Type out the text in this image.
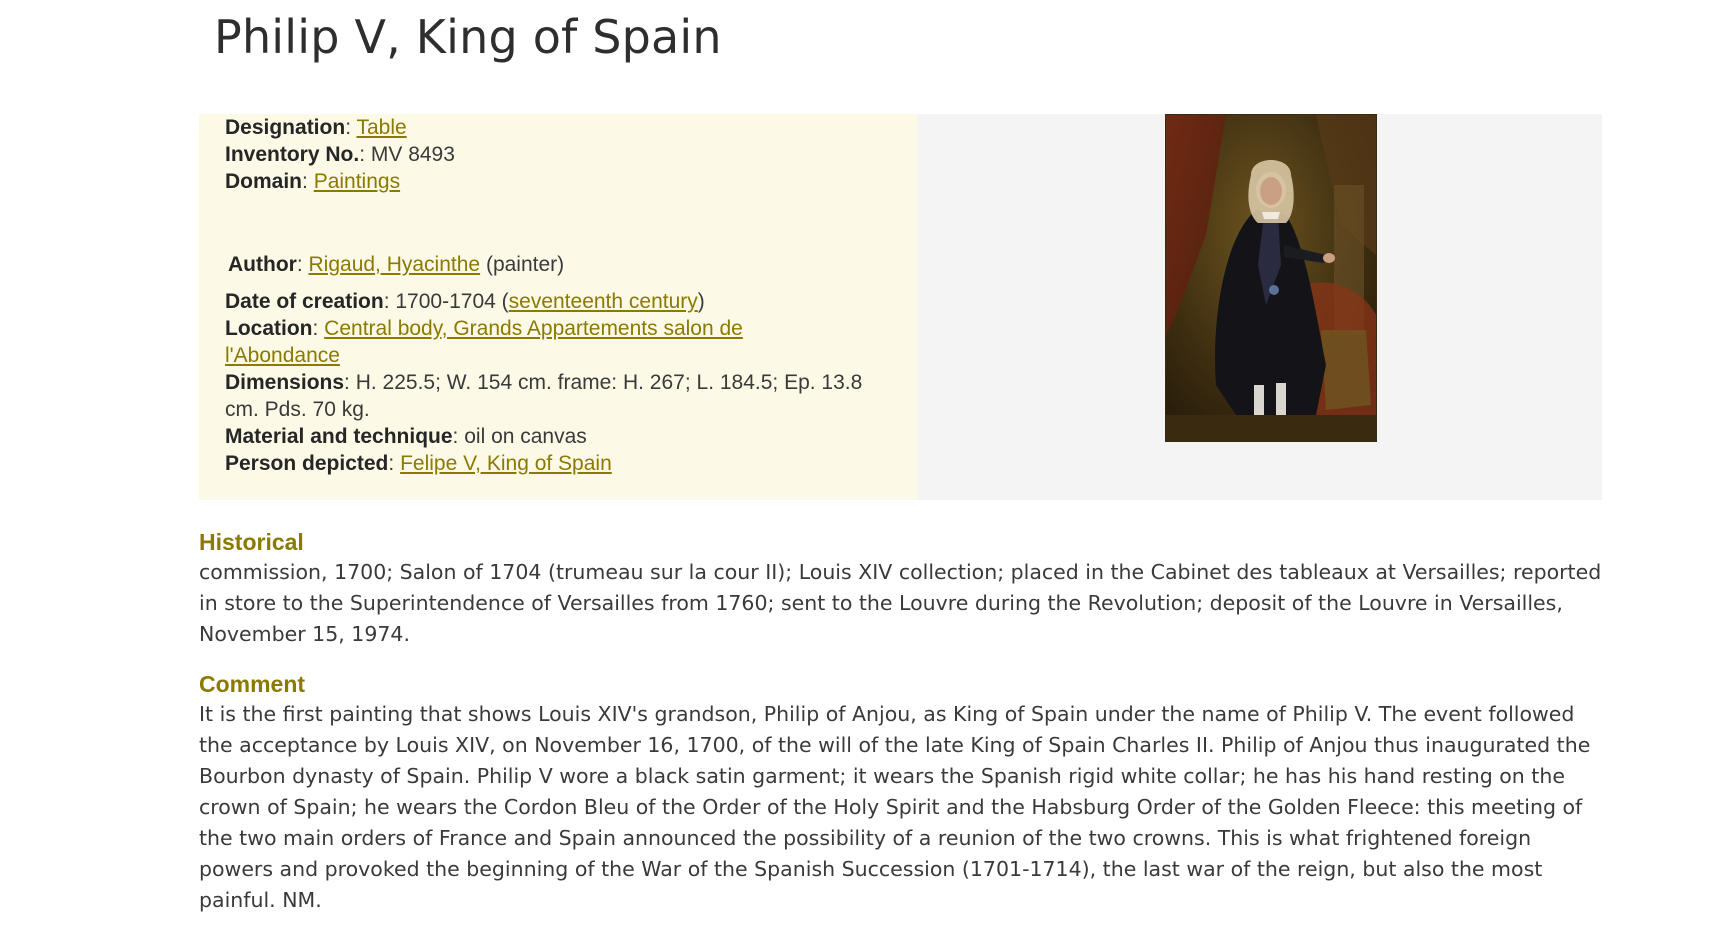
Philip V, King of Spain

Designation: Table

Inventory No.: MV 8493

Domain: Paintings

Author: Rigaud, Hyacinthe (painter)

Date of creation: 1700-1704 (seventeenth century)

Location: Central body, Grands Appartements salon de l'Abondance

Dimensions: H. 225.5; W. 154 cm. frame: H. 267; L. 184.5; Ep. 13.8 cm. Pds. 70 kg.

Material and technique: oil on canvas

Person depicted: Felipe V, King of Spain

Historical

commission, 1700; Salon of 1704 (trumeau sur la cour II); Louis XIV collection; placed in the Cabinet des tableaux at Versailles; reported in store to the Superintendence of Versailles from 1760; sent to the Louvre during the Revolution; deposit of the Louvre in Versailles, November 15, 1974.

Comment

It is the first painting that shows Louis XIV's grandson, Philip of Anjou, as King of Spain under the name of Philip V. The event followed the acceptance by Louis XIV, on November 16, 1700, of the will of the late King of Spain Charles II. Philip of Anjou thus inaugurated the Bourbon dynasty of Spain. Philip V wore a black satin garment; it wears the Spanish rigid white collar; he has his hand resting on the crown of Spain; he wears the Cordon Bleu of the Order of the Holy Spirit and the Habsburg Order of the Golden Fleece: this meeting of the two main orders of France and Spain announced the possibility of a reunion of the two crowns. This is what frightened foreign powers and provoked the beginning of the War of the Spanish Succession (1701-1714), the last war of the reign, but also the most painful. NM.
